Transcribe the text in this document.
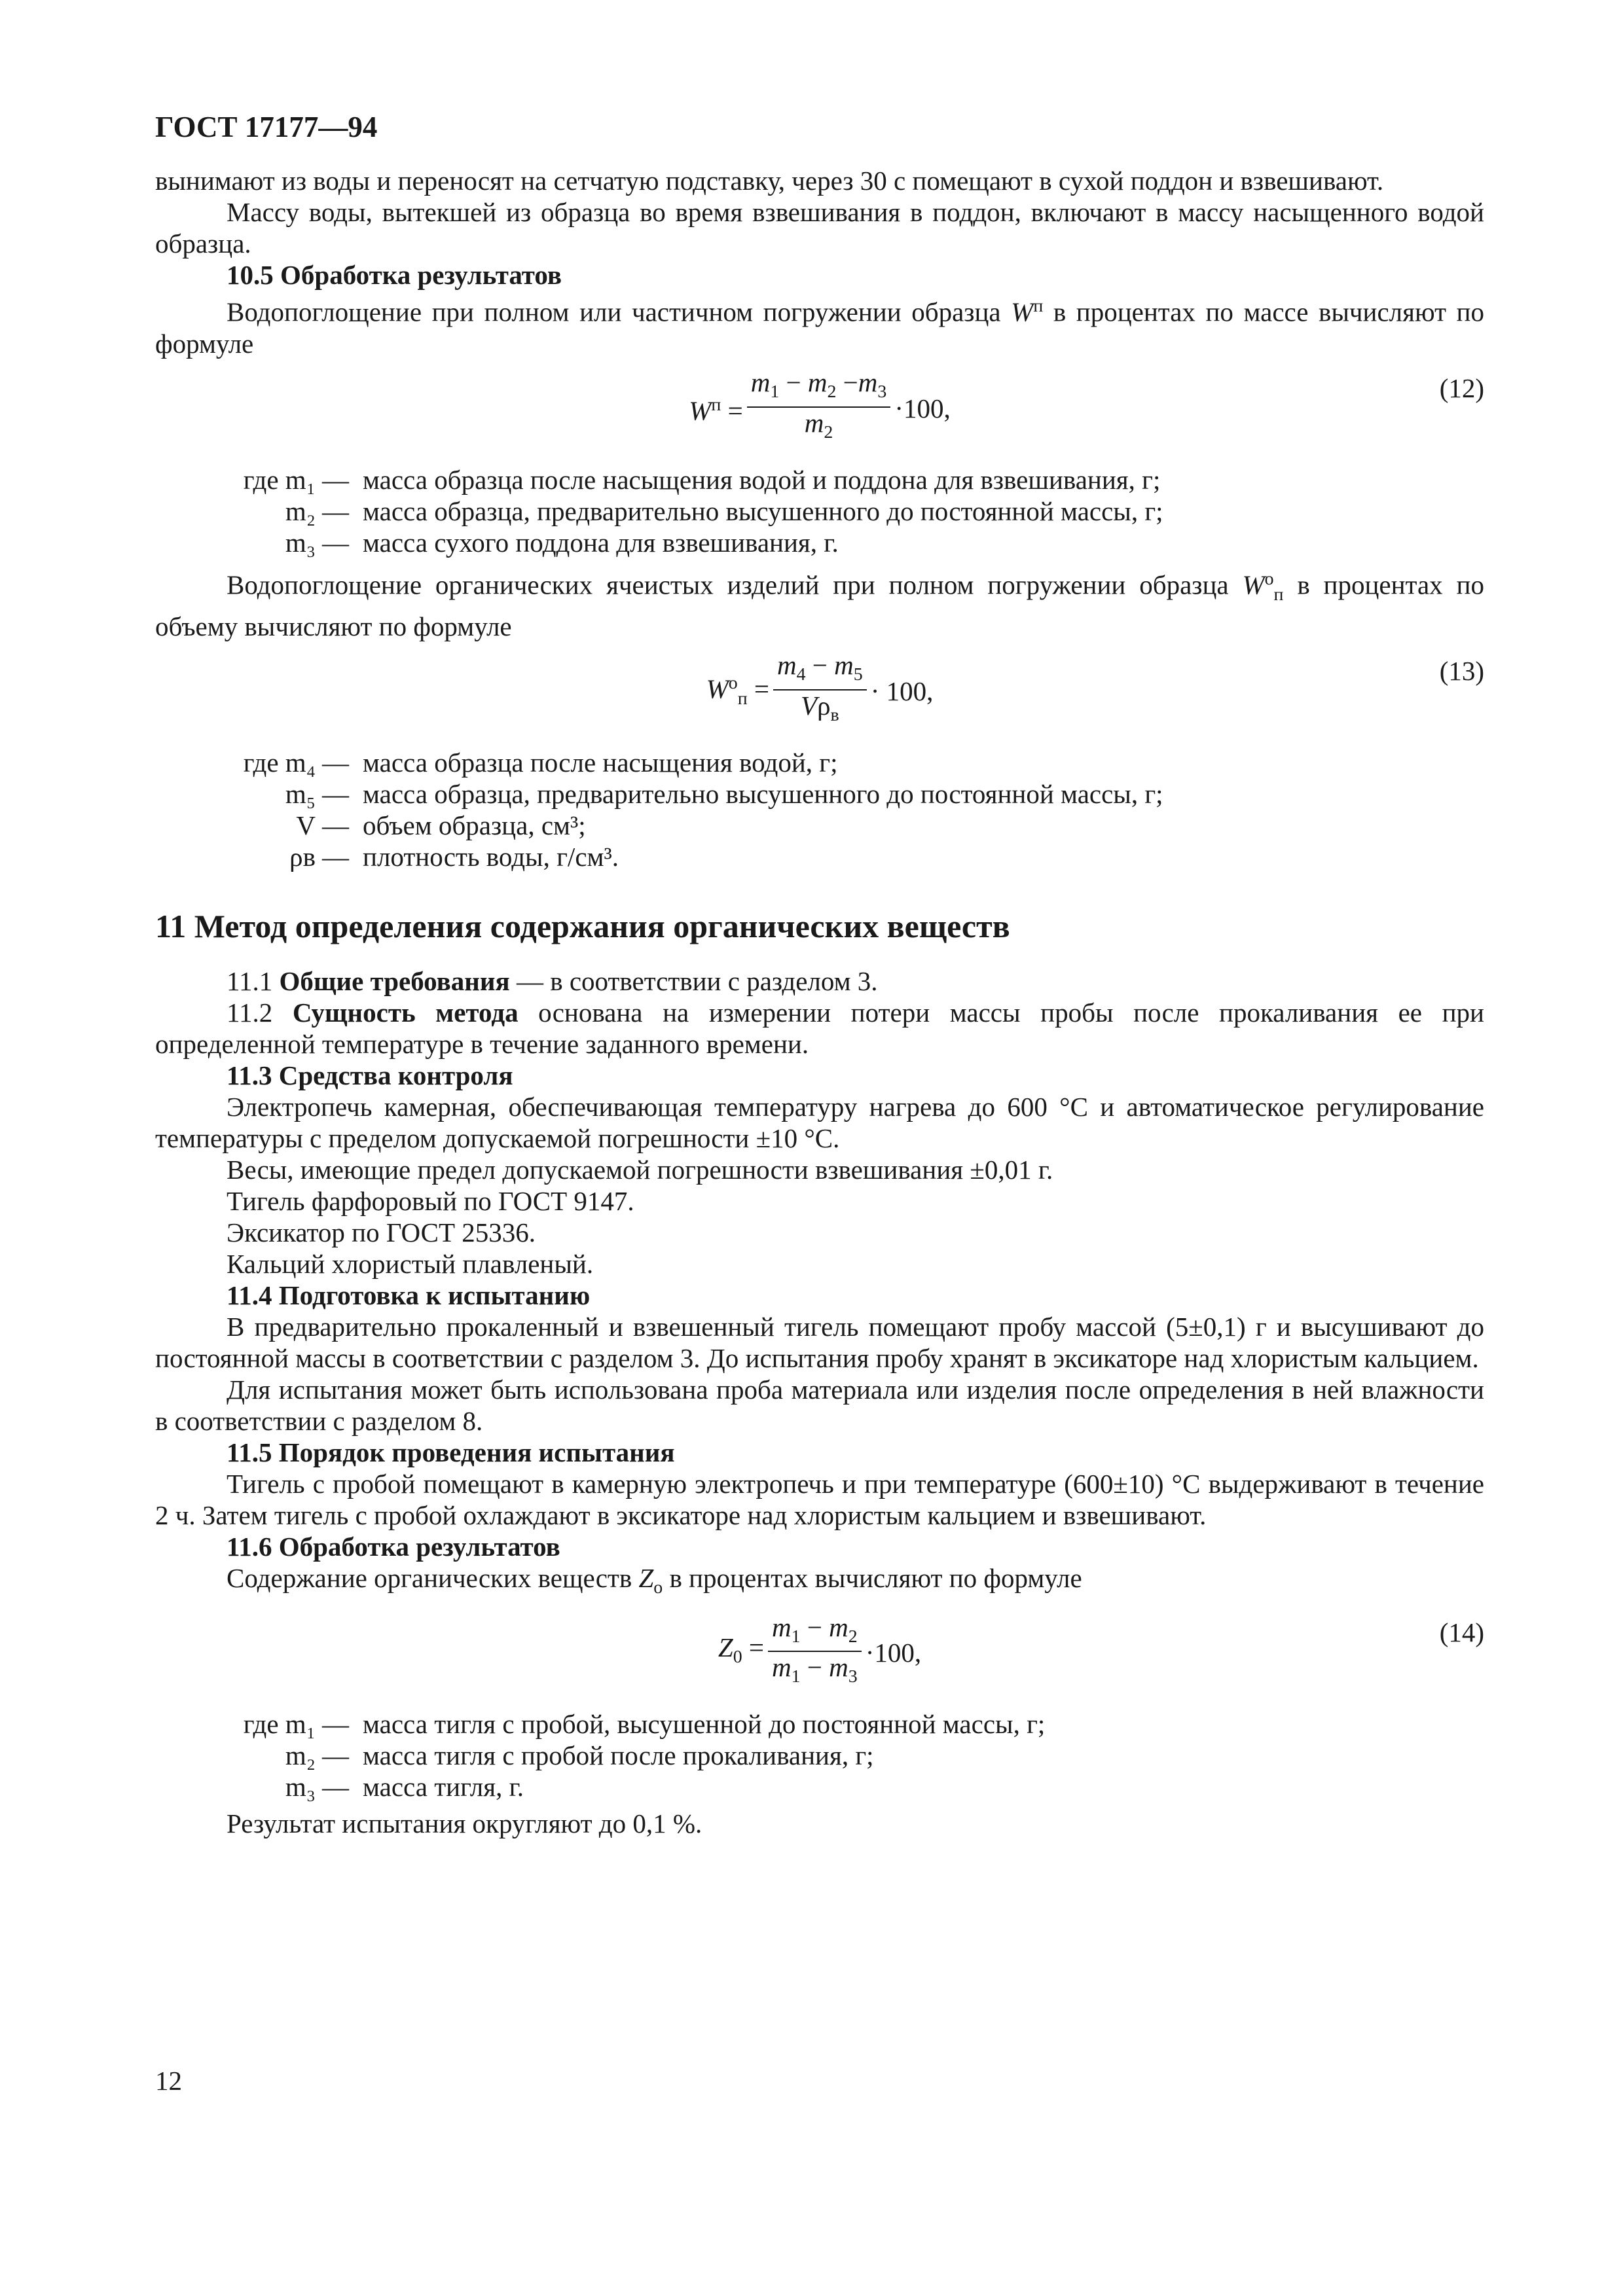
ГОСТ 17177—94

вынимают из воды и переносят на сетчатую подставку, через 30 с помещают в сухой поддон и взвешивают.

Массу воды, вытекшей из образца во время взвешивания в поддон, включают в массу насыщенного водой образца.

10.5 Обработка результатов

Водопоглощение при полном или частичном погружении образца $W^п$ в процентах по массе вычисляют по формуле

$W^п = \frac{m_1 - m_2 -m_3}{m_2} \cdot 100$,
(12)
где m₁ — масса образца после насыщения водой и поддона для взвешивания, г;
m₂ — масса образца, предварительно высушенного до постоянной массы, г;
m₃ — масса сухого поддона для взвешивания, г.

Водопоглощение органических ячеистых изделий при полном погружении образца $W^о_п$ в процентах по объему вычисляют по формуле

$W^о_п = \frac{m_4 - m_5}{V\rho_в} \cdot 100$,
(13)
где m₄ — масса образца после насыщения водой, г;
m₅ — масса образца, предварительно высушенного до постоянной массы, г;
V — объем образца, см³;
ρв — плотность воды, г/см³.
11 Метод определения содержания органических веществ

11.1 Общие требования — в соответствии с разделом 3.

11.2 Сущность метода основана на измерении потери массы пробы после прокаливания ее при определенной температуре в течение заданного времени.

11.3 Средства контроля

Электропечь камерная, обеспечивающая температуру нагрева до 600 °С и автоматическое регулирование температуры с пределом допускаемой погрешности ±10 °С.

Весы, имеющие предел допускаемой погрешности взвешивания ±0,01 г.

Тигель фарфоровый по ГОСТ 9147.

Эксикатор по ГОСТ 25336.

Кальций хлористый плавленый.

11.4 Подготовка к испытанию

В предварительно прокаленный и взвешенный тигель помещают пробу массой (5±0,1) г и высушивают до постоянной массы в соответствии с разделом 3. До испытания пробу хранят в эксикаторе над хлористым кальцием.

Для испытания может быть использована проба материала или изделия после определения в ней влажности в соответствии с разделом 8.

11.5 Порядок проведения испытания

Тигель с пробой помещают в камерную электропечь и при температуре (600±10) °С выдерживают в течение 2 ч. Затем тигель с пробой охлаждают в эксикаторе над хлористым кальцием и взвешивают.

11.6 Обработка результатов

Содержание органических веществ $Z_о$ в процентах вычисляют по формуле

$Z_0 = \frac{m_1 - m_2}{m_1 - m_3} \cdot 100$,
(14)
где m₁ — масса тигля с пробой, высушенной до постоянной массы, г;
m₂ — масса тигля с пробой после прокаливания, г;
m₃ — масса тигля, г.

Результат испытания округляют до 0,1 %.

12
